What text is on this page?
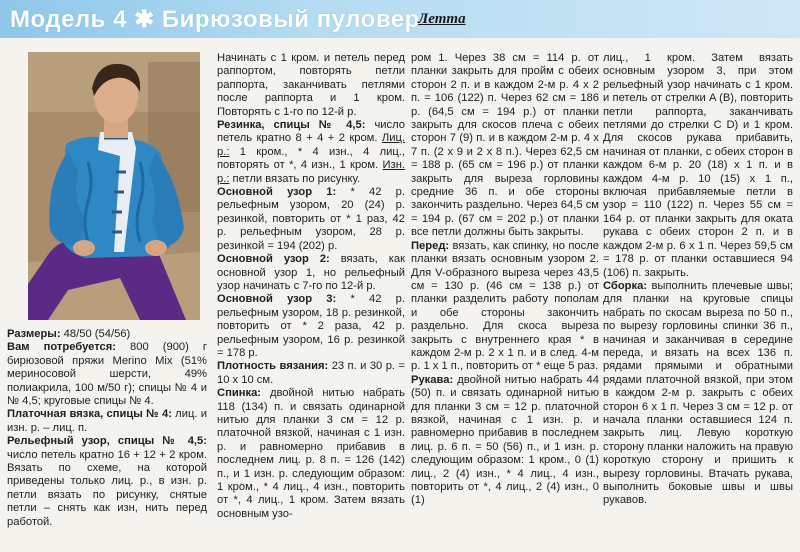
Модель 4 ✱ Бирюзовый пуловер
Летта

Размеры: 48/50 (54/56)

Вам потребуется: 800 (900) г бирюзовой пряжи Merino Mix (51% мериносовой шерсти, 49% полиакрила, 100 м/50 г); спицы № 4 и № 4,5; круговые спицы № 4.

Платочная вязка, спицы № 4: лиц. и изн. р. – лиц. п.

Рельефный узор, спицы № 4,5: число петель кратно 16 + 12 + 2 кром. Вязать по схеме, на которой приведены только лиц. р., в изн. р. петли вязать по рисунку, снятые петли – снять как изн, нить перед работой.

Начинать с 1 кром. и петель перед раппортом, повторять петли раппорта, заканчивать петлями после раппорта и 1 кром. Повторять с 1-го по 12-й р.

Резинка, спицы № 4,5: число петель кратно 8 + 4 + 2 кром. Лиц. р.: 1 кром., * 4 изн., 4 лиц., повторять от *, 4 изн., 1 кром. Изн. р.: петли вязать по рисунку.

Основной узор 1: * 42 р. рельефным узором, 20 (24) р. резинкой, повторить от * 1 раз, 42 р. рельефным узором, 28 р. резинкой = 194 (202) р.

Основной узор 2: вязать, как основной узор 1, но рельефный узор начинать с 7-го по 12-й р.

Основной узор 3: * 42 р. рельефным узором, 18 р. резинкой, повторить от * 2 раза, 42 р. рельефным узором, 16 р. резинкой = 178 р.

Плотность вязания: 23 п. и 30 р. = 10 x 10 см.

Спинка: двойной нитью набрать 118 (134) п. и связать одинарной нитью для планки 3 см = 12 р. платочной вязкой, начиная с 1 изн. р. и равномерно прибавив в последнем лиц. р. 8 п. = 126 (142) п., и 1 изн. р. следующим образом: 1 кром., * 4 лиц., 4 изн., повторить от *, 4 лиц., 1 кром. Затем вязать основным узо-

ром 1. Через 38 см = 114 р. от планки закрыть для пройм с обеих сторон 2 п. и в каждом 2-м р. 4 x 2 п. = 106 (122) п. Через 62 см = 186 р. (64,5 см = 194 р.) от планки закрыть для скосов плеча с обеих сторон 7 (9) п. и в каждом 2-м р. 4 x 7 п. (2 x 9 и 2 x 8 п.). Через 62,5 см = 188 р. (65 см = 196 р.) от планки закрыть для выреза горловины средние 36 п. и обе стороны закончить раздельно. Через 64,5 см = 194 р. (67 см = 202 р.) от планки все петли должны быть закрыты.

Перед: вязать, как спинку, но после планки вязать основным узором 2. Для V-образного выреза через 43,5 см = 130 р. (46 см = 138 р.) от планки разделить работу пополам и обе стороны закончить раздельно. Для скоса выреза закрыть с внутреннего края * в каждом 2-м р. 2 x 1 п. и в след. 4-м р. 1 x 1 п., повторить от * еще 5 раз.

Рукава: двойной нитью набрать 44 (50) п. и связать одинарной нитью для планки 3 см = 12 р. платочной вязкой, начиная с 1 изн. р. и равномерно прибавив в последнем лиц. р. 6 п. = 50 (56) п., и 1 изн. р. следующим образом: 1 кром., 0 (1) лиц., 2 (4) изн., * 4 лиц., 4 изн., повторить от *, 4 лиц., 2 (4) изн., 0 (1)

лиц., 1 кром. Затем вязать основным узором 3, при этом рельефный узор начинать с 1 кром. и петель от стрелки A (B), повторить петли раппорта, заканчивать петлями до стрелки C D) и 1 кром. Для скосов рукава прибавить, начиная от планки, с обеих сторон в каждом 6-м р. 20 (18) x 1 п. и в каждом 4-м р. 10 (15) x 1 п., включая прибавляемые петли в узор = 110 (122) п. Через 55 см = 164 р. от планки закрыть для оката рукава с обеих сторон 2 п. и в каждом 2-м р. 6 x 1 п. Через 59,5 см = 178 р. от планки оставшиеся 94 (106) п. закрыть.

Сборка: выполнить плечевые швы; для планки на круговые спицы набрать по скосам выреза по 50 п., по вырезу горловины спинки 36 п., начиная и заканчивая в середине переда, и вязать на всех 136 п. рядами прямыми и обратными рядами платочной вязкой, при этом в каждом 2-м р. закрыть с обеих сторон 6 x 1 п. Через 3 см = 12 р. от начала планки оставшиеся 124 п. закрыть лиц. Левую короткую сторону планки наложить на правую короткую сторону и пришить к вырезу горловины. Втачать рукава, выполнить боковые швы и швы рукавов.
